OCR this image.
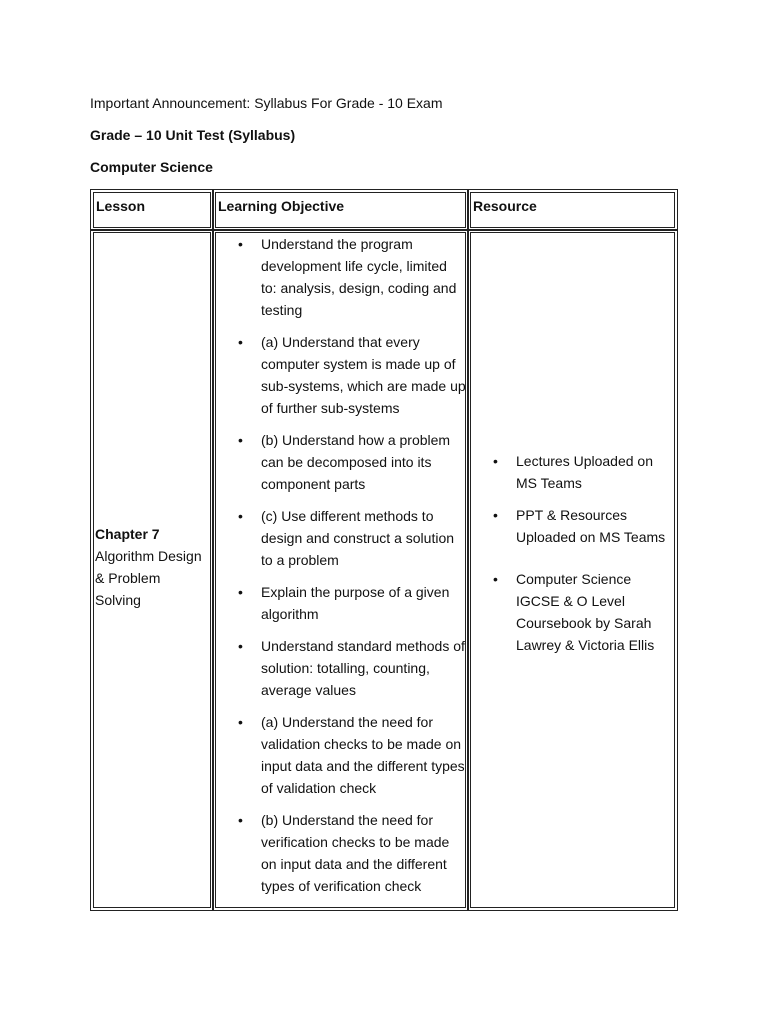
Important Announcement: Syllabus For Grade - 10 Exam
Grade – 10 Unit Test (Syllabus)
Computer Science
Lesson	Learning Objective	Resource
Chapter 7
Algorithm Design & Problem Solving
• Understand the program development life cycle, limited to: analysis, design, coding and testing
• (a) Understand that every computer system is made up of sub-systems, which are made up of further sub-systems
• (b) Understand how a problem can be decomposed into its component parts
• (c) Use different methods to design and construct a solution to a problem
• Explain the purpose of a given algorithm
• Understand standard methods of solution: totalling, counting, average values
• (a) Understand the need for validation checks to be made on input data and the different types of validation check
• (b) Understand the need for verification checks to be made on input data and the different types of verification check
• Lectures Uploaded on MS Teams
• PPT & Resources Uploaded on MS Teams
• Computer Science IGCSE & O Level Coursebook by Sarah Lawrey & Victoria Ellis
